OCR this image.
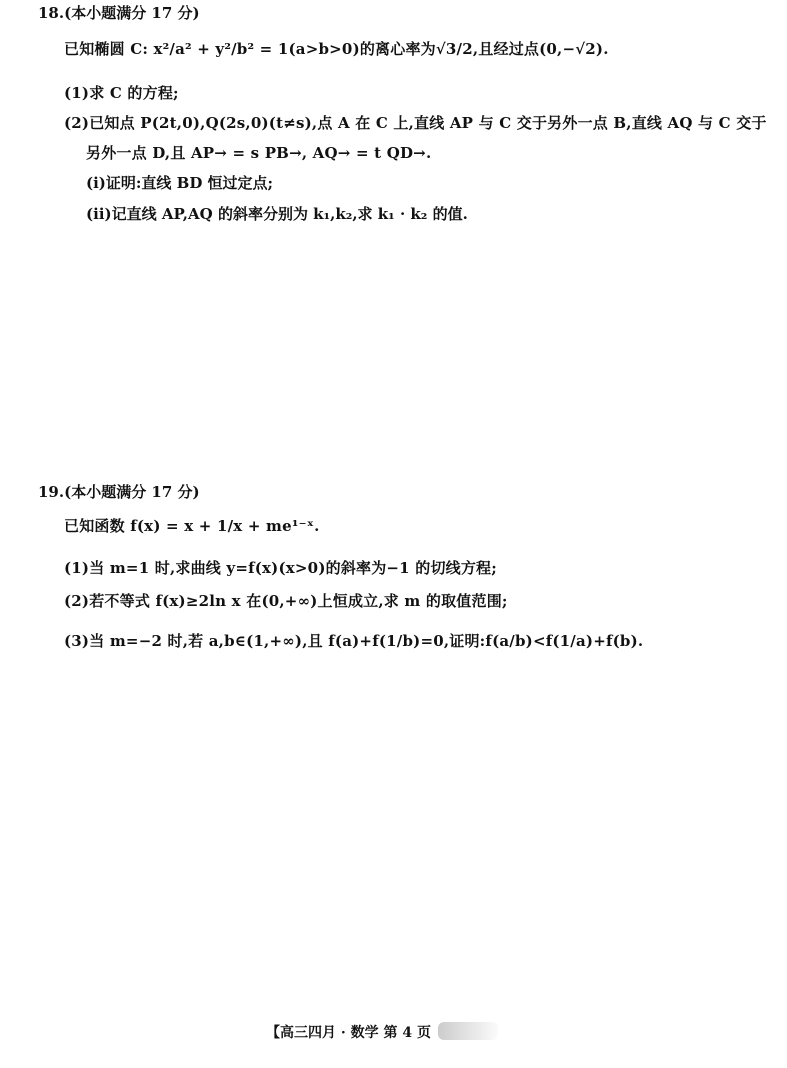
18.(本小题满分 17 分)
已知椭圆 C: x²/a² + y²/b² = 1(a>b>0)的离心率为√3/2,且经过点(0,−√2).
(1)求 C 的方程;
(2)已知点 P(2t,0),Q(2s,0)(t≠s),点 A 在 C 上,直线 AP 与 C 交于另外一点 B,直线 AQ 与 C 交于
另外一点 D,且 AP→ = s PB→, AQ→ = t QD→.
(ⅰ)证明:直线 BD 恒过定点;
(ⅱ)记直线 AP,AQ 的斜率分别为 k₁,k₂,求 k₁ · k₂ 的值.
19.(本小题满分 17 分)
已知函数 f(x) = x + 1/x + me¹⁻ˣ.
(1)当 m=1 时,求曲线 y=f(x)(x>0)的斜率为−1 的切线方程;
(2)若不等式 f(x)≥2ln x 在(0,+∞)上恒成立,求 m 的取值范围;
(3)当 m=−2 时,若 a,b∈(1,+∞),且 f(a)+f(1/b)=0,证明:f(a/b)<f(1/a)+f(b).
【高三四月 · 数学 第 4 页
